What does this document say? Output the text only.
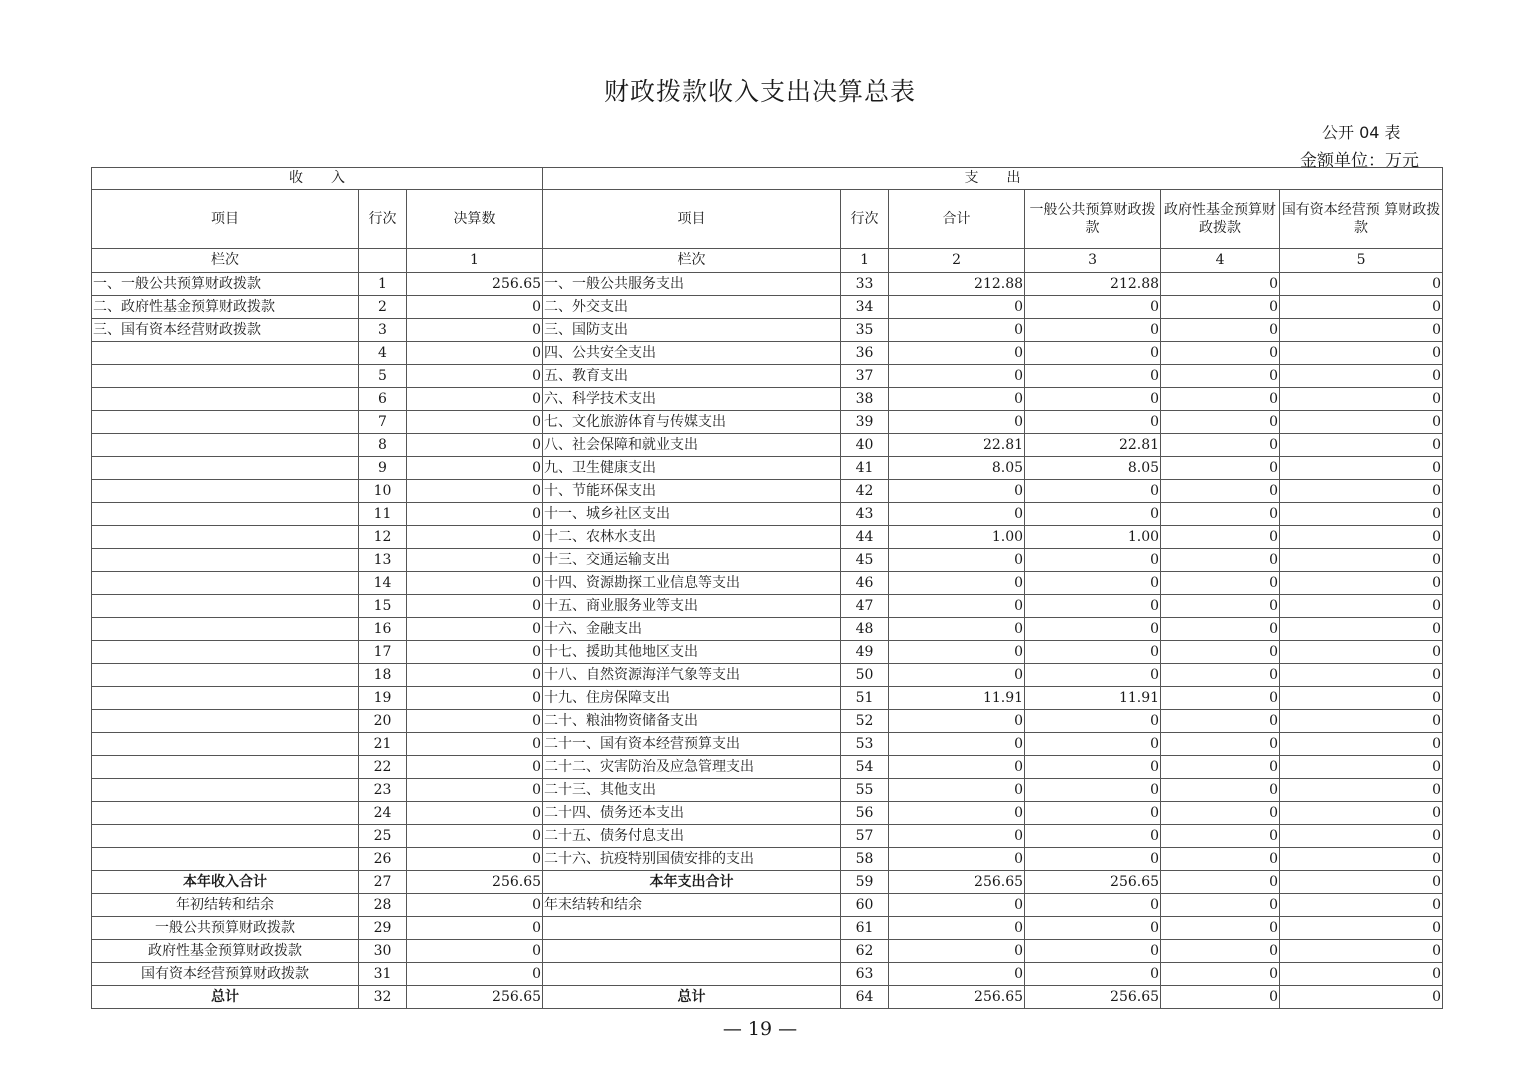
财政拨款收入支出决算总表
公开 04 表
金额单位：万元
收　　入			支　　出					
项目	行次	决算数	项目	行次	合计	一般公共预算财政拨款	政府性基金预算财政拨款	国有资本经营预 算财政拨款
栏次		1	栏次	1	2	3	4	5
一、一般公共预算财政拨款	1	256.65	一、一般公共服务支出	33	212.88	212.88	0	0
二、政府性基金预算财政拨款	2	0	二、外交支出	34	0	0	0	0
三、国有资本经营财政拨款	3	0	三、国防支出	35	0	0	0	0
	4	0	四、公共安全支出	36	0	0	0	0
	5	0	五、教育支出	37	0	0	0	0
	6	0	六、科学技术支出	38	0	0	0	0
	7	0	七、文化旅游体育与传媒支出	39	0	0	0	0
	8	0	八、社会保障和就业支出	40	22.81	22.81	0	0
	9	0	九、卫生健康支出	41	8.05	8.05	0	0
	10	0	十、节能环保支出	42	0	0	0	0
	11	0	十一、城乡社区支出	43	0	0	0	0
	12	0	十二、农林水支出	44	1.00	1.00	0	0
	13	0	十三、交通运输支出	45	0	0	0	0
	14	0	十四、资源勘探工业信息等支出	46	0	0	0	0
	15	0	十五、商业服务业等支出	47	0	0	0	0
	16	0	十六、金融支出	48	0	0	0	0
	17	0	十七、援助其他地区支出	49	0	0	0	0
	18	0	十八、自然资源海洋气象等支出	50	0	0	0	0
	19	0	十九、住房保障支出	51	11.91	11.91	0	0
	20	0	二十、粮油物资储备支出	52	0	0	0	0
	21	0	二十一、国有资本经营预算支出	53	0	0	0	0
	22	0	二十二、灾害防治及应急管理支出	54	0	0	0	0
	23	0	二十三、其他支出	55	0	0	0	0
	24	0	二十四、债务还本支出	56	0	0	0	0
	25	0	二十五、债务付息支出	57	0	0	0	0
	26	0	二十六、抗疫特别国债安排的支出	58	0	0	0	0
本年收入合计	27	256.65	本年支出合计	59	256.65	256.65	0	0
年初结转和结余	28	0	年末结转和结余	60	0	0	0	0
一般公共预算财政拨款	29	0		61	0	0	0	0
政府性基金预算财政拨款	30	0		62	0	0	0	0
国有资本经营预算财政拨款	31	0		63	0	0	0	0
总计	32	256.65	总计	64	256.65	256.65	0	0
— 19 —
